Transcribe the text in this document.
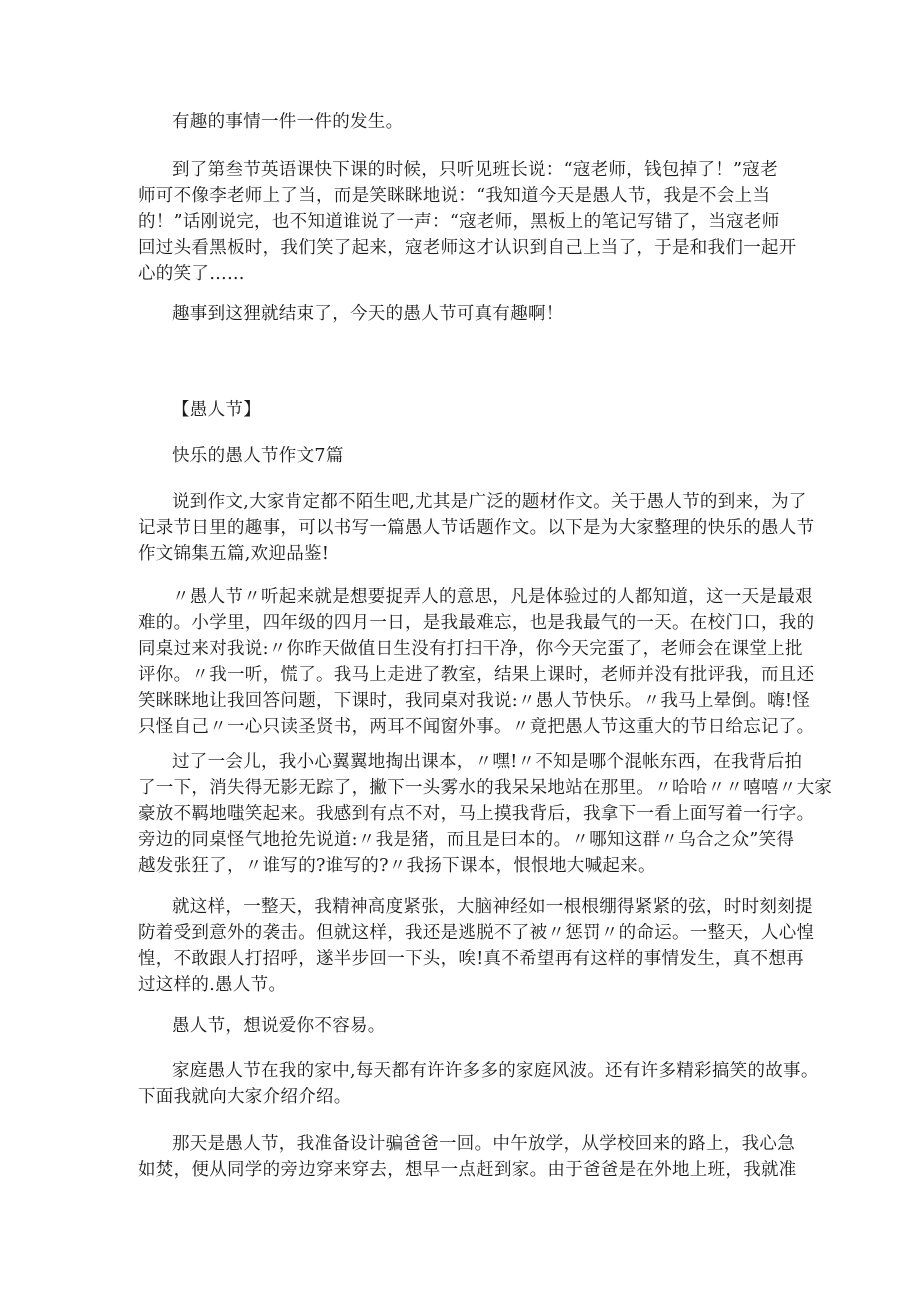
有趣的事情一件一件的发生。
到了第叁节英语课快下课的时候，只听见班长说：“寇老师，钱包掉了！”寇老
师可不像李老师上了当，而是笑眯眯地说：“我知道今天是愚人节，我是不会上当
的！”话刚说完，也不知道谁说了一声：“寇老师，黑板上的笔记写错了，当寇老师
回过头看黑板时，我们笑了起来，寇老师这才认识到自己上当了，于是和我们一起开
心的笑了……
趣事到这狸就结束了，今天的愚人节可真有趣啊！
【愚人节】
快乐的愚人节作文7篇
说到作文,大家肯定都不陌生吧,尤其是广泛的题材作文。关于愚人节的到来，为了
记录节日里的趣事，可以书写一篇愚人节话题作文。以下是为大家整理的快乐的愚人节
作文锦集五篇,欢迎品鉴!
〃愚人节〃听起来就是想要捉弄人的意思，凡是体验过的人都知道，这一天是最艰
难的。小学里，四年级的四月一日，是我最难忘，也是我最气的一天。在校门口，我的
同桌过来对我说:〃你昨天做值日生没有打扫干净，你今天完蛋了，老师会在课堂上批
评你。〃我一听，慌了。我马上走进了教室，结果上课时，老师并没有批评我，而且还
笑眯眯地让我回答问题，下课时，我同桌对我说:〃愚人节快乐。〃我马上晕倒。嗨!怪
只怪自己〃一心只读圣贤书，两耳不闻窗外事。〃竟把愚人节这重大的节日给忘记了。
过了一会儿，我小心翼翼地掏出课本，〃嘿!〃不知是哪个混帐东西，在我背后拍
了一下，消失得无影无踪了，撇下一头雾水的我呆呆地站在那里。〃哈哈〃〃嘻嘻〃大家
豪放不羁地嗤笑起来。我感到有点不对，马上摸我背后，我拿下一看上面写着一行字。
旁边的同桌怪气地抢先说道:〃我是猪，而且是曰本的。〃哪知这群〃乌合之众”笑得
越发张狂了，〃谁写的?谁写的?〃我扬下课本，恨恨地大喊起来。
就这样，一整天，我精神高度紧张，大脑神经如一根根绷得紧紧的弦，时时刻刻提
防着受到意外的袭击。但就这样，我还是逃脱不了被〃惩罚〃的命运。一整天，人心惶
惶，不敢跟人打招呼，遂半步回一下头，唉!真不希望再有这样的事情发生，真不想再
过这样的.愚人节。
愚人节，想说爱你不容易。
家庭愚人节在我的家中,每天都有许许多多的家庭风波。还有许多精彩搞笑的故事。
下面我就向大家介绍介绍。
那天是愚人节，我准备设计骗爸爸一回。中午放学，从学校回来的路上，我心急
如焚，便从同学的旁边穿来穿去，想早一点赶到家。由于爸爸是在外地上班，我就准
